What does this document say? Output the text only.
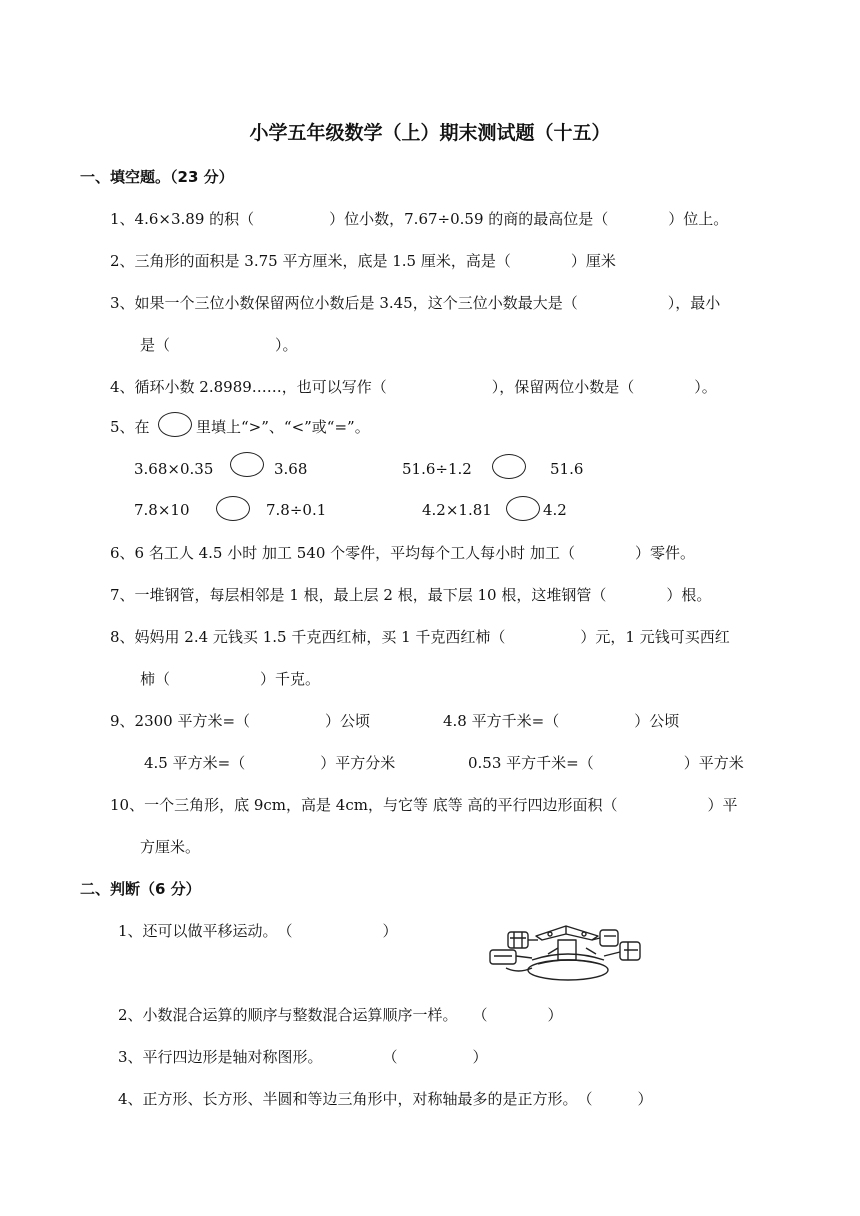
小学五年级数学（上）期末测试题（十五）
一、填空题。（23 分）
1、4.6×3.89 的积（　　　　　）位小数，7.67÷0.59 的商的最高位是（　　　　）位上。
2、三角形的面积是 3.75 平方厘米，底是 1.5 厘米，高是（　　　　）厘米
3、如果一个三位小数保留两位小数后是 3.45，这个三位小数最大是（　　　　　　），最小
是（　　　　　　　）。
4、循环小数 2.8989……，也可以写作（　　　　　　　），保留两位小数是（　　　　）。
5、在	里填上“>”、“<”或“=”。
3.68×0.35	3.68	51.6÷1.2	51.6
7.8×10	7.8÷0.1	4.2×1.81	4.2
6、6 名工人 4.5 小时 加工 540 个零件，平均每个工人每小时 加工（　　　　）零件。
7、一堆钢管，每层相邻是 1 根，最上层 2 根，最下层 10 根，这堆钢管（　　　　）根。
8、妈妈用 2.4 元钱买 1.5 千克西红柿，买 1 千克西红柿（　　　　　）元，1 元钱可买西红
柿（　　　　　　）千克。
9、2300 平方米=（　　　　　）公顷	4.8 平方千米=（　　　　　）公顷
4.5 平方米=（　　　　　）平方分米	0.53 平方千米=（　　　　　　）平方米
10、一个三角形，底 9cm，高是 4cm，与它等 底等 高的平行四边形面积（　　　　　　）平
方厘米。
二、判断（6 分）
1、还可以做平移运动。　（　　　　　　）
2、小数混合运算的顺序与整数混合运算顺序一样。　　（　　　　）
3、平行四边形是轴对称图形。　　　　　（　　　　　）
4、正方形、长方形、半圆和等边三角形中，对称轴最多的是正方形。　（　　　）
